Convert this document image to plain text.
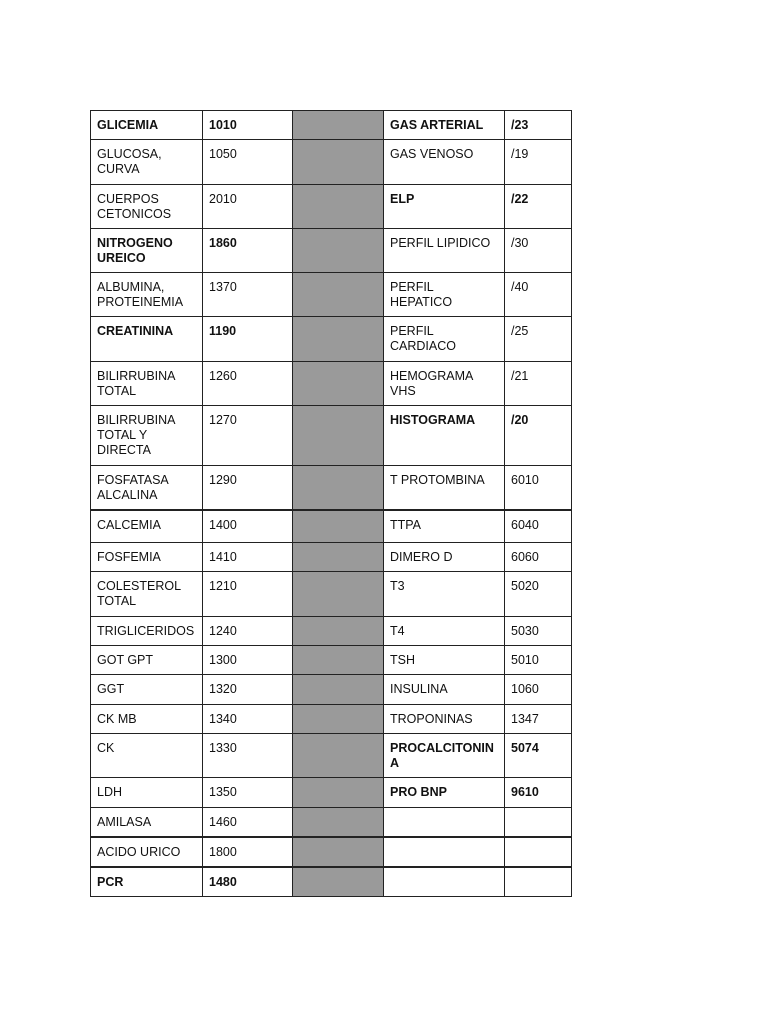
GLICEMIA	1010		GAS ARTERIAL	/23
GLUCOSA, CURVA	1050		GAS VENOSO	/19
CUERPOS CETONICOS	2010		ELP	/22
NITROGENO UREICO	1860		PERFIL LIPIDICO	/30
ALBUMINA, PROTEINEMIA	1370		PERFIL HEPATICO	/40
CREATININA	1190		PERFIL CARDIACO	/25
BILIRRUBINA TOTAL	1260		HEMOGRAMA VHS	/21
BILIRRUBINA TOTAL Y DIRECTA	1270		HISTOGRAMA	/20
FOSFATASA ALCALINA	1290		T PROTOMBINA	6010
CALCEMIA	1400		TTPA	6040
FOSFEMIA	1410		DIMERO D	6060
COLESTEROL TOTAL	1210		T3	5020
TRIGLICERIDOS	1240		T4	5030
GOT GPT	1300		TSH	5010
GGT	1320		INSULINA	1060
CK MB	1340		TROPONINAS	1347
CK	1330		PROCALCITONINA	5074
LDH	1350		PRO BNP	9610
AMILASA	1460			
ACIDO URICO	1800			
PCR	1480			
